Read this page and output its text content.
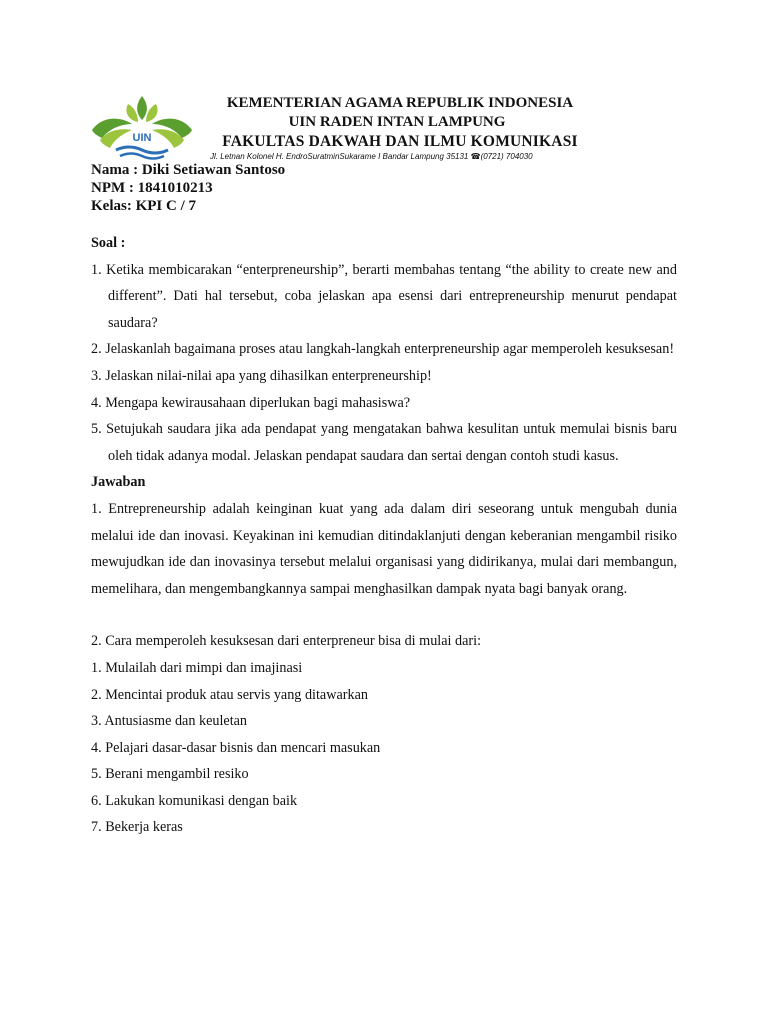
UIN
KEMENTERIAN AGAMA REPUBLIK INDONESIA
UIN RADEN INTAN LAMPUNG
FAKULTAS DAKWAH DAN ILMU KOMUNIKASI
Jl. Letnan Kolonel H. EndroSuratminSukarame I Bandar Lampung 35131 ☎(0721) 704030
Nama : Diki Setiawan Santoso
NPM : 1841010213
Kelas: KPI C / 7

Soal :

1. Ketika membicarakan “enterpreneurship”, berarti membahas tentang “the ability to create new and different”. Dati hal tersebut, coba jelaskan apa esensi dari entrepreneurship menurut pendapat saudara?

2. Jelaskanlah bagaimana proses atau langkah-langkah enterpreneurship agar memperoleh kesuksesan!

3. Jelaskan nilai-nilai apa yang dihasilkan enterpreneurship!

4. Mengapa kewirausahaan diperlukan bagi mahasiswa?

5. Setujukah saudara jika ada pendapat yang mengatakan bahwa kesulitan untuk memulai bisnis baru oleh tidak adanya modal. Jelaskan pendapat saudara dan sertai dengan contoh studi kasus.

Jawaban

1. Entrepreneurship adalah keinginan kuat yang ada dalam diri seseorang untuk mengubah dunia melalui ide dan inovasi. Keyakinan ini kemudian ditindaklanjuti dengan keberanian mengambil risiko mewujudkan ide dan inovasinya tersebut melalui organisasi yang didirikanya, mulai dari membangun, memelihara, dan mengembangkannya sampai menghasilkan dampak nyata bagi banyak orang.

2. Cara memperoleh kesuksesan dari enterpreneur bisa di mulai dari:

1. Mulailah dari mimpi dan imajinasi

2. Mencintai produk atau servis yang ditawarkan

3. Antusiasme dan keuletan

4. Pelajari dasar-dasar bisnis dan mencari masukan

5. Berani mengambil resiko

6. Lakukan komunikasi dengan baik

7. Bekerja keras
